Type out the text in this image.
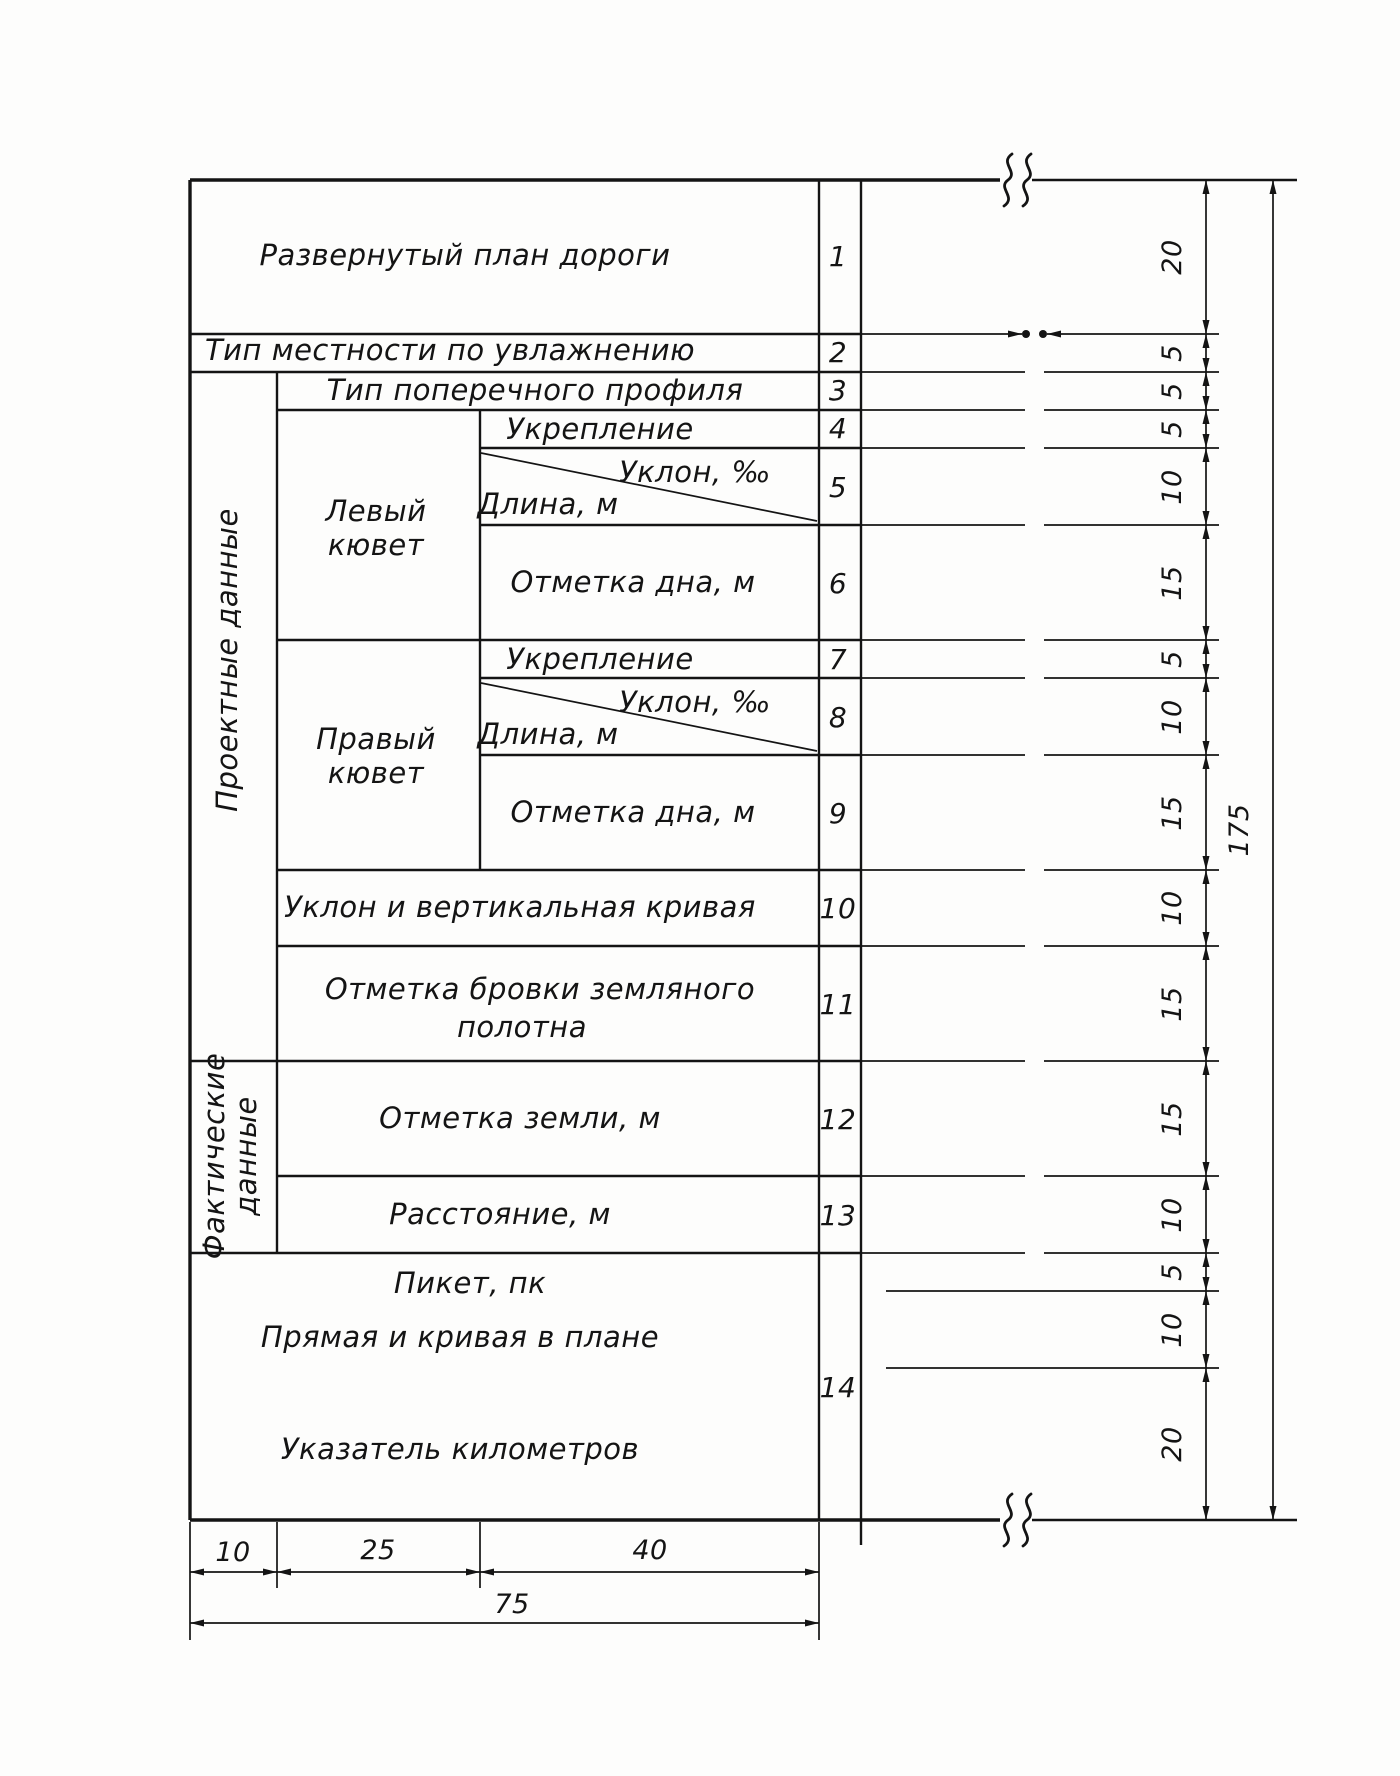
Развернутый план дороги
Тип местности по увлажнению
Тип поперечного профиля
Укрепление
Уклон, ‰
Длина, м
Отметка дна, м
Укрепление
Уклон, ‰
Длина, м
Отметка дна, м
Уклон и вертикальная кривая
Отметка бровки земляного
полотна
Отметка земли, м
Расстояние, м
Пикет, пк
Прямая и кривая в плане
Указатель километров
Левый
кювет
Правый
кювет
Проектные данные
Фактические
данные
1
2
3
4
5
6
7
8
9
10
11
12
13
14
20
5
5
5
10
15
5
10
15
10
15
15
10
5
10
20
175
10	25	40
75
